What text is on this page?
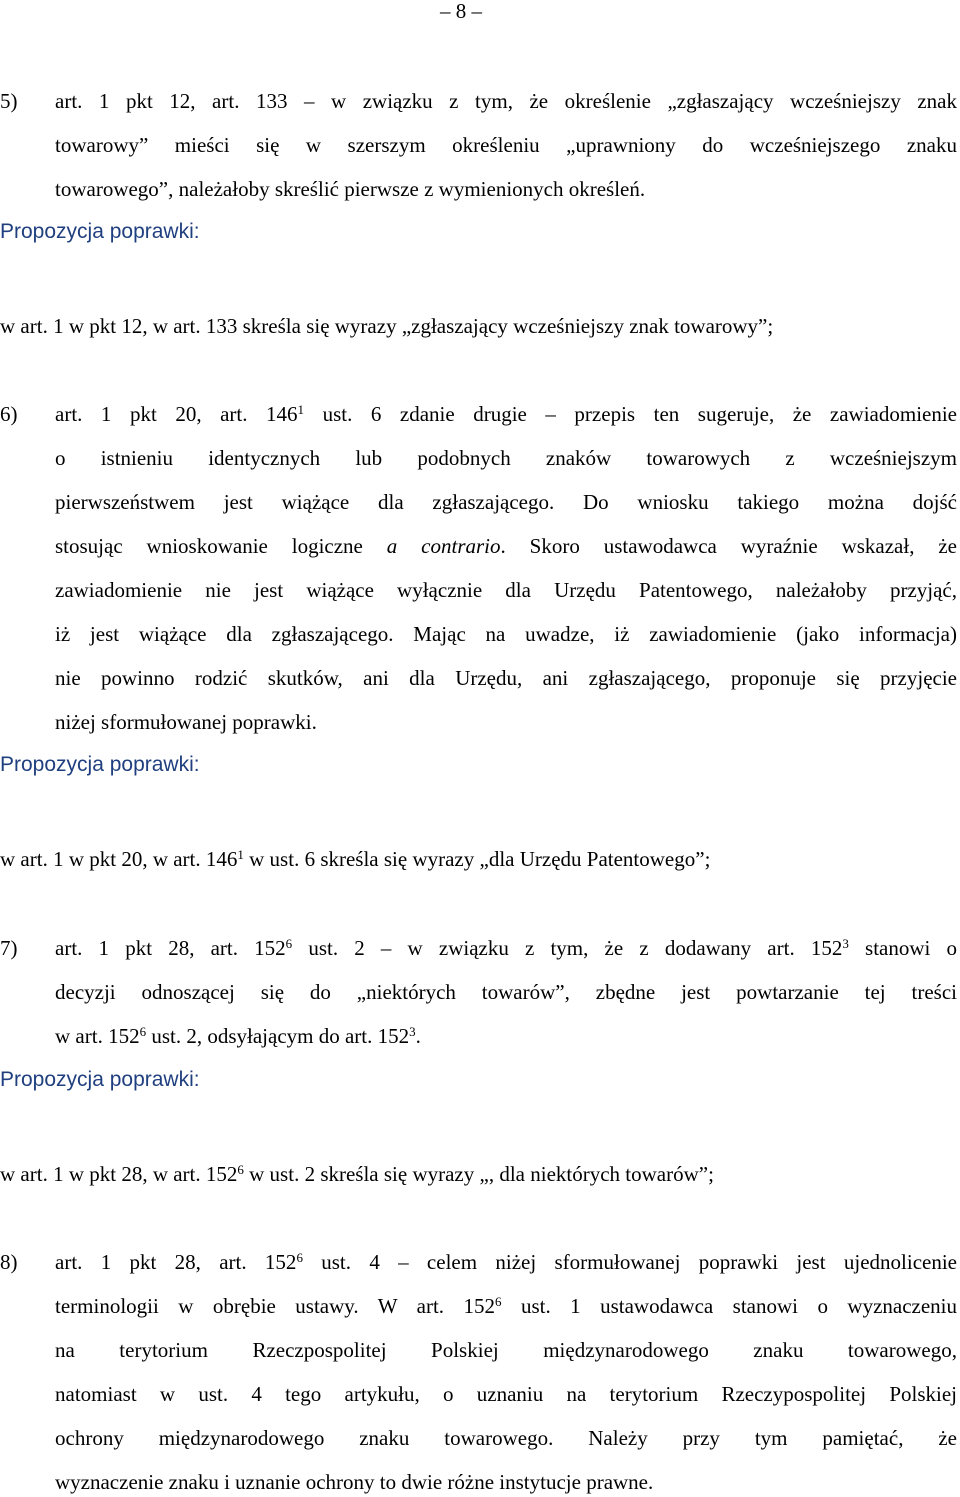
– 8 –
5) art. 1 pkt 12, art. 133 – w związku z tym, że określenie „zgłaszający wcześniejszy znak
towarowy” mieści się w szerszym określeniu „uprawniony do wcześniejszego znaku
towarowego”, należałoby skreślić pierwsze z wymienionych określeń.
Propozycja poprawki:
w art. 1 w pkt 12, w art. 133 skreśla się wyrazy „zgłaszający wcześniejszy znak towarowy”;
6) art. 1 pkt 20, art. $146^1$ ust. 6 zdanie drugie – przepis ten sugeruje, że zawiadomienie
o istnieniu identycznych lub podobnych znaków towarowych z wcześniejszym
pierwszeństwem jest wiążące dla zgłaszającego. Do wniosku takiego można dojść
stosując wnioskowanie logiczne a contrario. Skoro ustawodawca wyraźnie wskazał, że
zawiadomienie nie jest wiążące wyłącznie dla Urzędu Patentowego, należałoby przyjąć,
iż jest wiążące dla zgłaszającego. Mając na uwadze, iż zawiadomienie (jako informacja)
nie powinno rodzić skutków, ani dla Urzędu, ani zgłaszającego, proponuje się przyjęcie
niżej sformułowanej poprawki.
Propozycja poprawki:
w art. 1 w pkt 20, w art. $146^1$ w ust. 6 skreśla się wyrazy „dla Urzędu Patentowego”;
7) art. 1 pkt 28, art. $152^6$ ust. 2 – w związku z tym, że z dodawany art. $152^3$ stanowi o
decyzji odnoszącej się do „niektórych towarów”, zbędne jest powtarzanie tej treści
w art. $152^6$ ust. 2, odsyłającym do art. $152^3$.
Propozycja poprawki:
w art. 1 w pkt 28, w art. $152^6$ w ust. 2 skreśla się wyrazy „, dla niektórych towarów”;
8) art. 1 pkt 28, art. $152^6$ ust. 4 – celem niżej sformułowanej poprawki jest ujednolicenie
terminologii w obrębie ustawy. W art. $152^6$ ust. 1 ustawodawca stanowi o wyznaczeniu
na terytorium Rzeczpospolitej Polskiej międzynarodowego znaku towarowego,
natomiast w ust. 4 tego artykułu, o uznaniu na terytorium Rzeczypospolitej Polskiej
ochrony międzynarodowego znaku towarowego. Należy przy tym pamiętać, że
wyznaczenie znaku i uznanie ochrony to dwie różne instytucje prawne.
